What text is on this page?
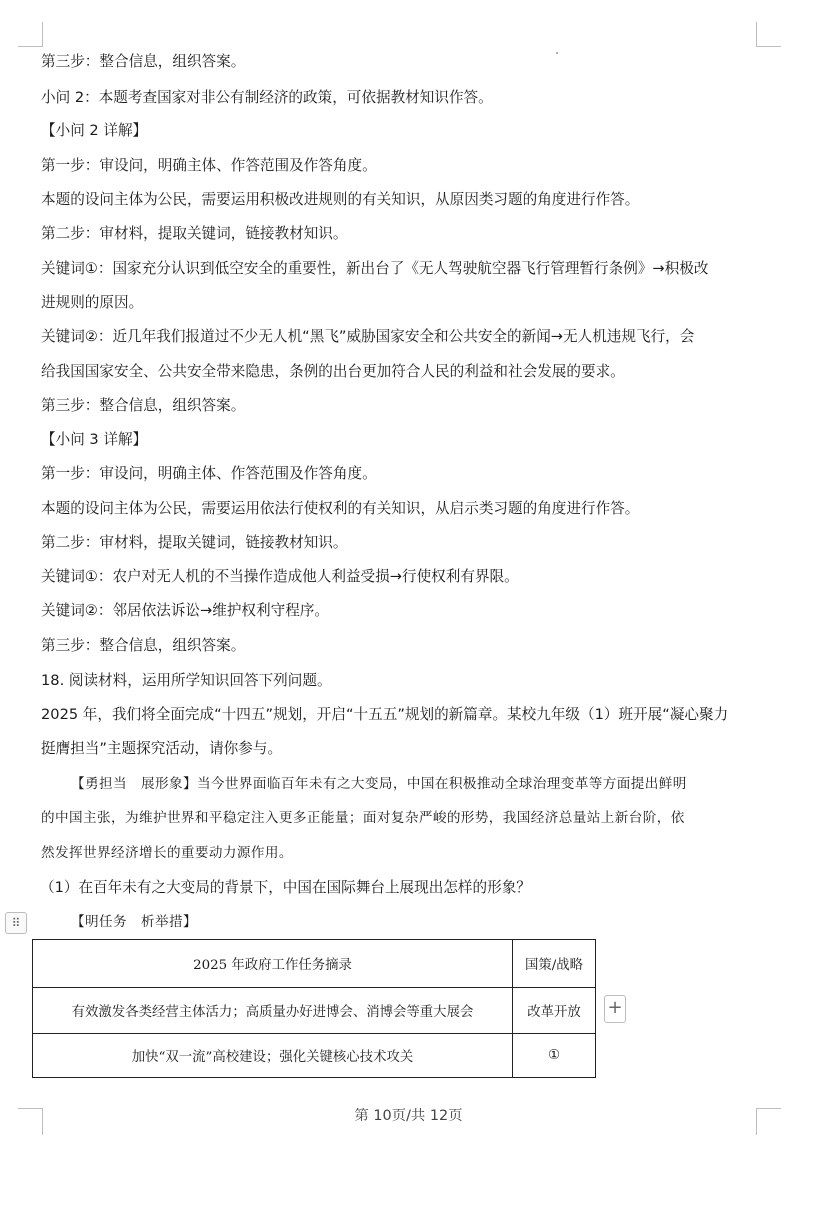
第三步：整合信息，组织答案。
小问 2：本题考查国家对非公有制经济的政策，可依据教材知识作答。
【小问 2 详解】
第一步：审设问，明确主体、作答范围及作答角度。
本题的设问主体为公民，需要运用积极改进规则的有关知识，从原因类习题的角度进行作答。
第二步：审材料，提取关键词，链接教材知识。
关键词①：国家充分认识到低空安全的重要性，新出台了《无人驾驶航空器飞行管理暂行条例》→积极改
进规则的原因。
关键词②：近几年我们报道过不少无人机“黑飞”威胁国家安全和公共安全的新闻→无人机违规飞行，会
给我国国家安全、公共安全带来隐患，条例的出台更加符合人民的利益和社会发展的要求。
第三步：整合信息，组织答案。
【小问 3 详解】
第一步：审设问，明确主体、作答范围及作答角度。
本题的设问主体为公民，需要运用依法行使权利的有关知识，从启示类习题的角度进行作答。
第二步：审材料，提取关键词，链接教材知识。
关键词①：农户对无人机的不当操作造成他人利益受损→行使权利有界限。
关键词②：邻居依法诉讼→维护权利守程序。
第三步：整合信息，组织答案。
18. 阅读材料，运用所学知识回答下列问题。
2025 年，我们将全面完成“十四五”规划，开启“十五五”规划的新篇章。某校九年级（1）班开展“凝心聚力
挺膺担当”主题探究活动，请你参与。
【勇担当　展形象】当今世界面临百年未有之大变局，中国在积极推动全球治理变革等方面提出鲜明
的中国主张，为维护世界和平稳定注入更多正能量；面对复杂严峻的形势，我国经济总量站上新台阶，依
然发挥世界经济增长的重要动力源作用。
（1）在百年未有之大变局的背景下，中国在国际舞台上展现出怎样的形象？
【明任务　析举措】
⠿
2025 年政府工作任务摘录	国策/战略
有效激发各类经营主体活力；高质量办好进博会、消博会等重大展会	改革开放
加快“双一流”高校建设；强化关键核心技术攻关	①
+
第 10页/共 12页
